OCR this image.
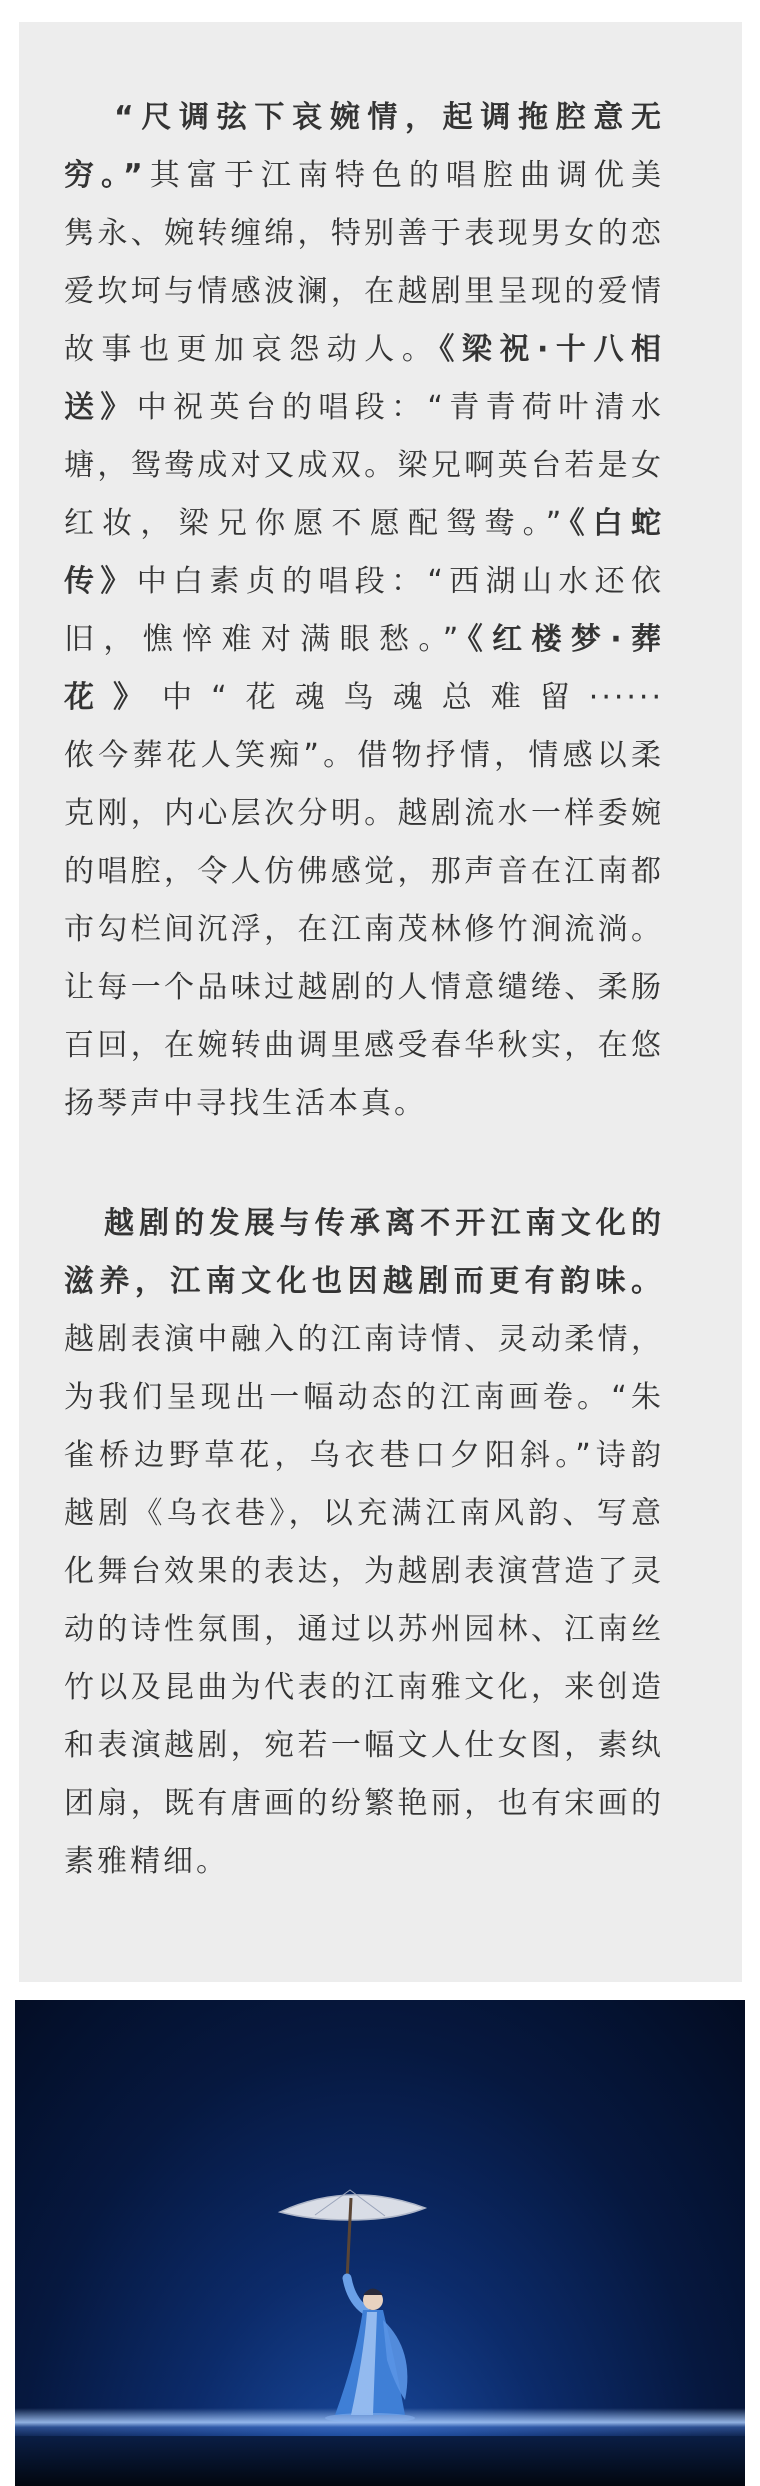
“尺调弦下哀婉情，起调拖腔意无
穷。”其富于江南特色的唱腔曲调优美
隽永、婉转缠绵，特别善于表现男女的恋
爱坎坷与情感波澜，在越剧里呈现的爱情
故事也更加哀怨动人。《梁祝·十八相
送》中祝英台的唱段：“青青荷叶清水
塘，鸳鸯成对又成双。梁兄啊英台若是女
红妆，梁兄你愿不愿配鸳鸯。”《白蛇
传》中白素贞的唱段：“西湖山水还依
旧，憔悴难对满眼愁。”《红楼梦·葬
花》中“花魂鸟魂总难留······
侬今葬花人笑痴”。借物抒情，情感以柔
克刚，内心层次分明。越剧流水一样委婉
的唱腔，令人仿佛感觉，那声音在江南都
市勾栏间沉浮，在江南茂林修竹涧流淌。
让每一个品味过越剧的人情意缱绻、柔肠
百回，在婉转曲调里感受春华秋实，在悠
扬琴声中寻找生活本真。
越剧的发展与传承离不开江南文化的
滋养，江南文化也因越剧而更有韵味。
越剧表演中融入的江南诗情、灵动柔情，
为我们呈现出一幅动态的江南画卷。“朱
雀桥边野草花，乌衣巷口夕阳斜。”诗韵
越剧《乌衣巷》，以充满江南风韵、写意
化舞台效果的表达，为越剧表演营造了灵
动的诗性氛围，通过以苏州园林、江南丝
竹以及昆曲为代表的江南雅文化，来创造
和表演越剧，宛若一幅文人仕女图，素纨
团扇，既有唐画的纷繁艳丽，也有宋画的
素雅精细。
